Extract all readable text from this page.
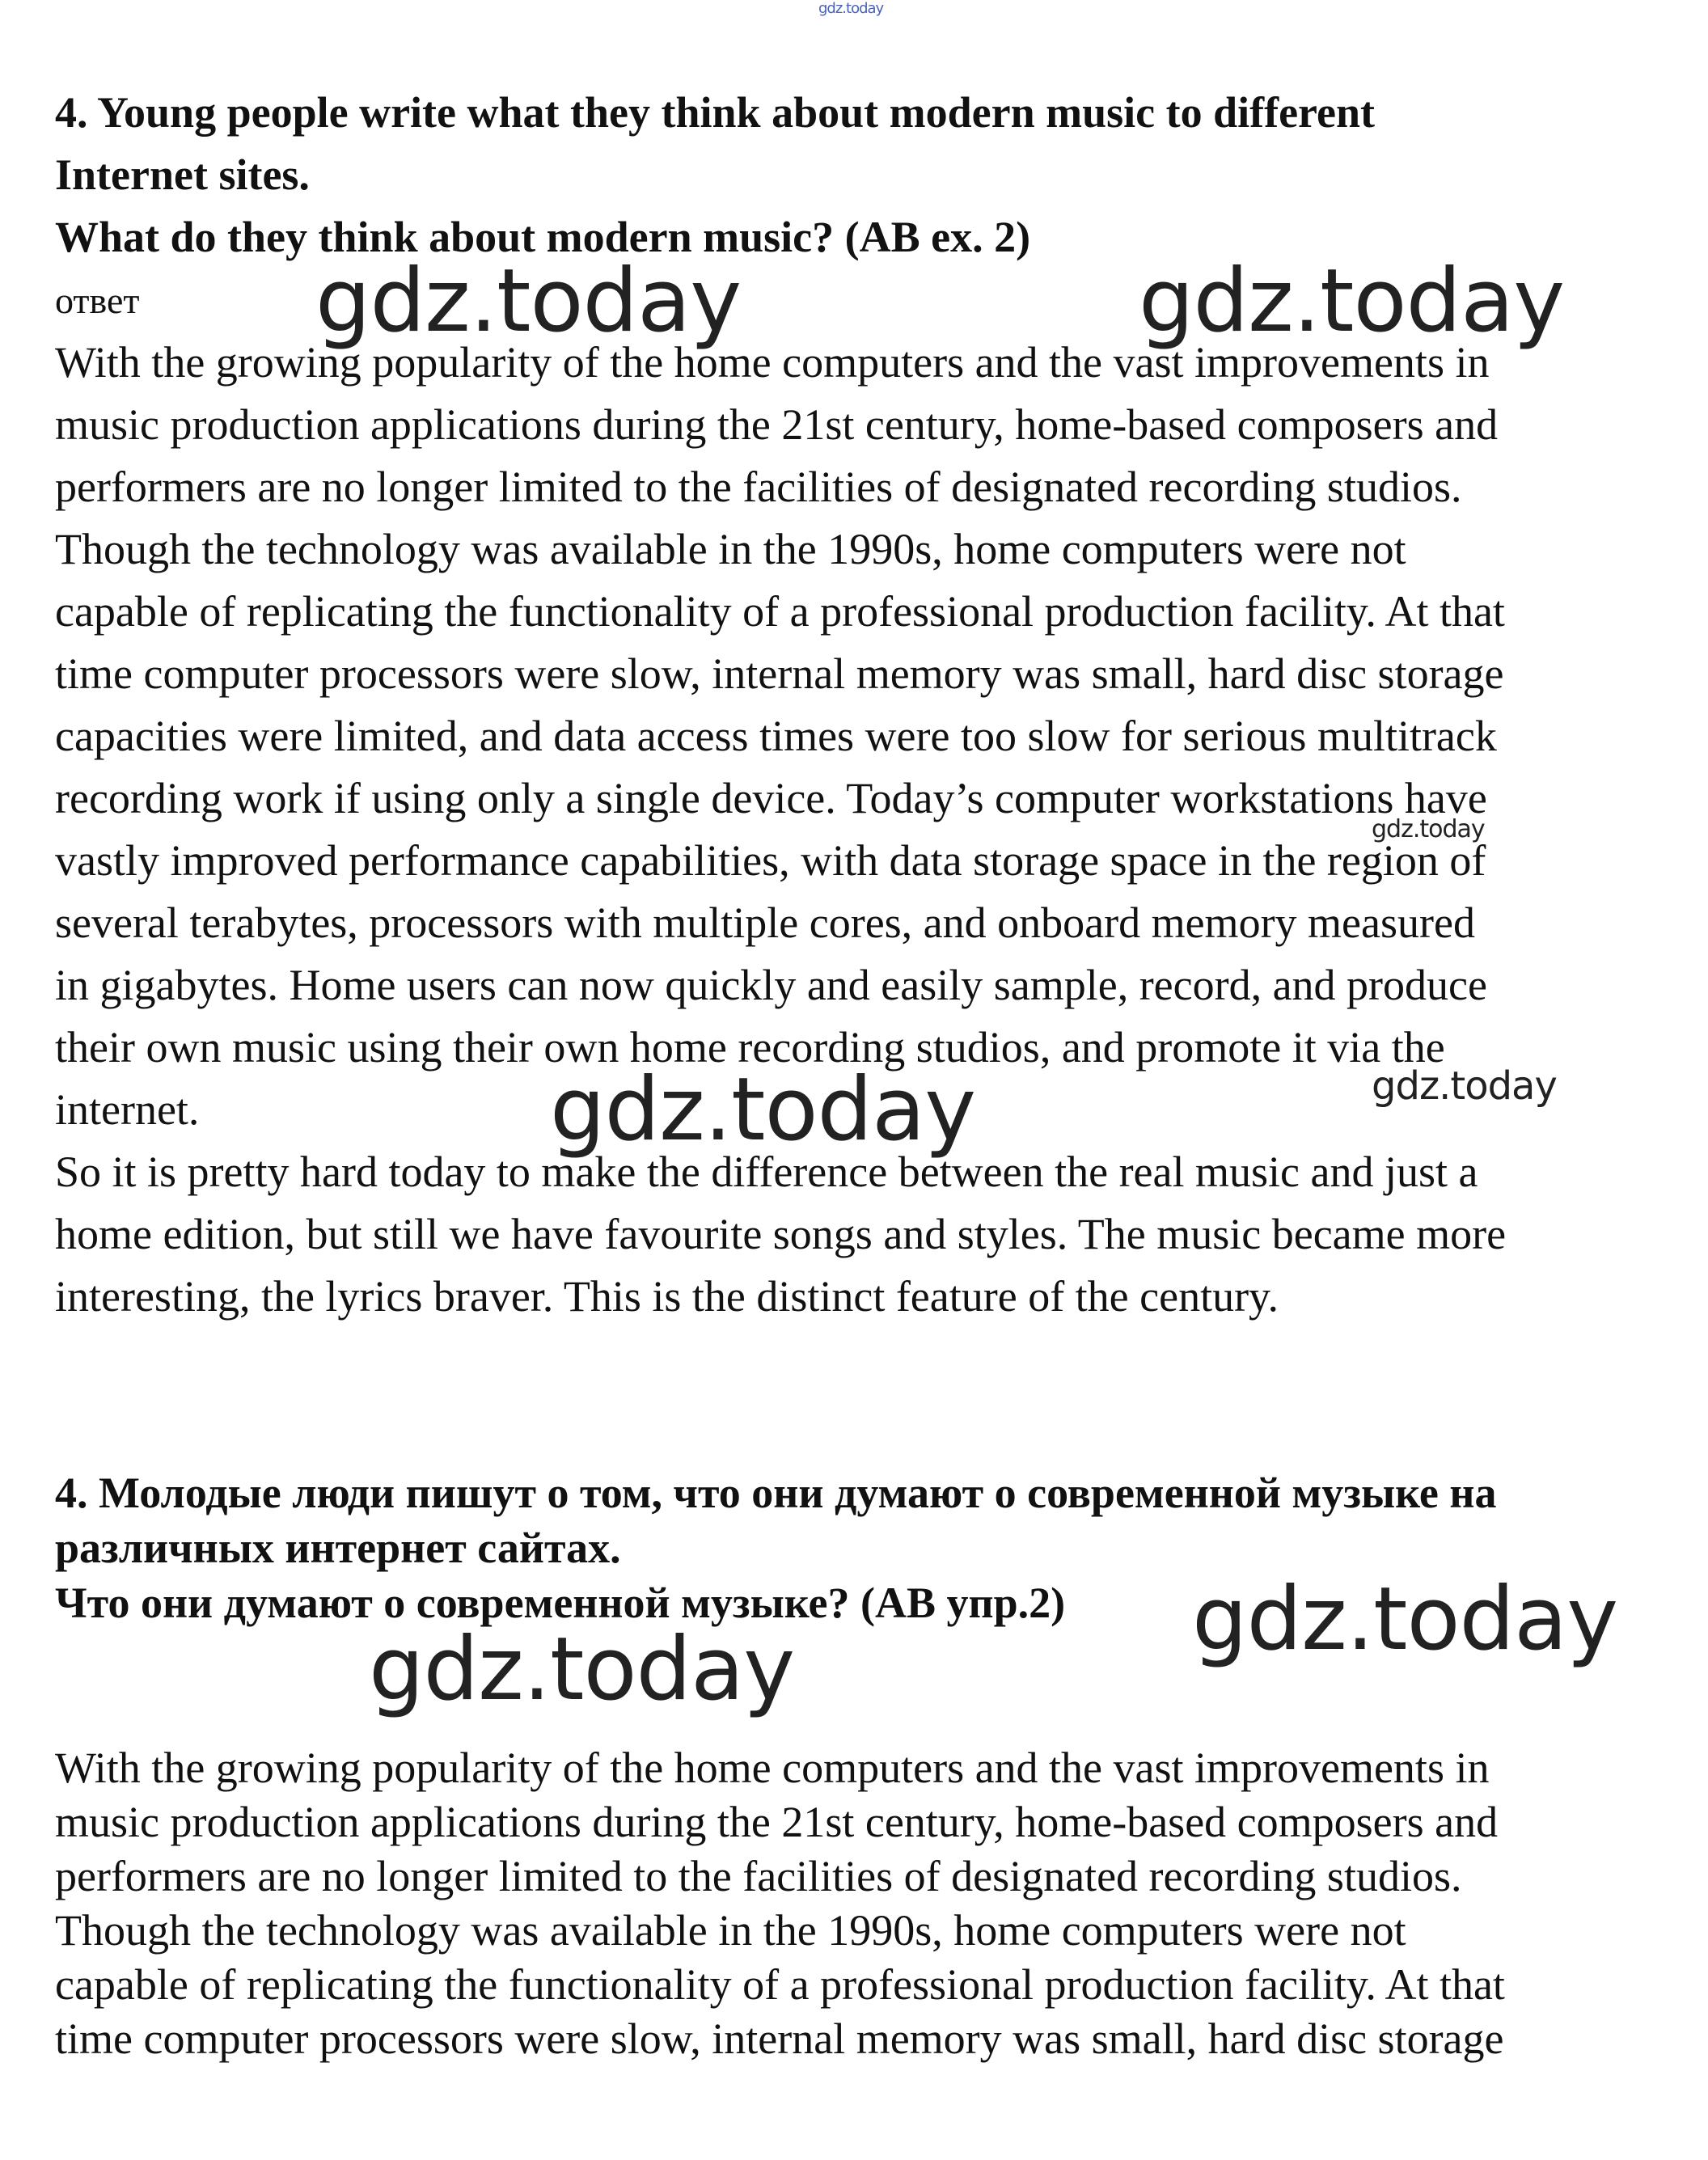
gdz.today
4. Young people write what they think about modern music to different
Internet sites.
What do they think about modern music? (AB ex. 2)
ответ gdz.today	gdz.today
With the growing popularity of the home computers and the vast improvements in
music production applications during the 21st century, home-based composers and
performers are no longer limited to the facilities of designated recording studios.
Though the technology was available in the 1990s, home computers were not
capable of replicating the functionality of a professional production facility. At that
time computer processors were slow, internal memory was small, hard disc storage
capacities were limited, and data access times were too slow for serious multitrack
recording work if using only a single device. Today’s computer workstations have
vastly improved performance capabilities, with data storage space in the region of
several terabytes, processors with multiple cores, and onboard memory measured
in gigabytes. Home users can now quickly and easily sample, record, and produce
their own music using their own home recording studios, and promote it via the
internet.
So it is pretty hard today to make the difference between the real music and just a
home edition, but still we have favourite songs and styles. The music became more
interesting, the lyrics braver. This is the distinct feature of the century.
gdz.today
gdz.today
gdz.today
4. Молодые люди пишут о том, что они думают о современной музыке на
различных интернет сайтах.
Что они думают о современной музыке? (AB упр.2) gdz.today
gdz.today
With the growing popularity of the home computers and the vast improvements in
music production applications during the 21st century, home-based composers and
performers are no longer limited to the facilities of designated recording studios.
Though the technology was available in the 1990s, home computers were not
capable of replicating the functionality of a professional production facility. At that
time computer processors were slow, internal memory was small, hard disc storage
